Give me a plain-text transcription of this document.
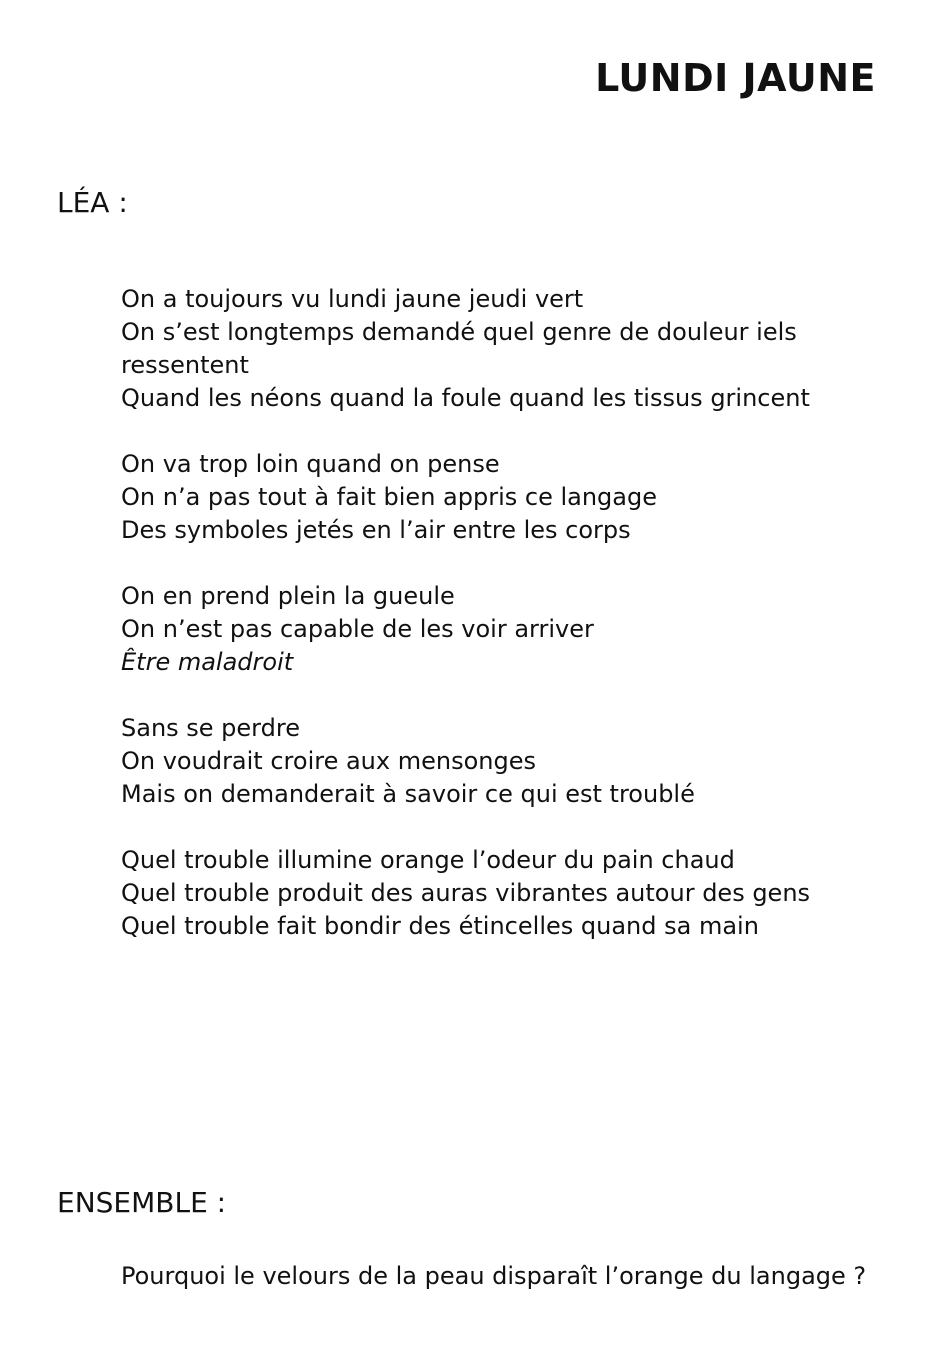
LUNDI JAUNE
LÉA :

On a toujours vu lundi jaune jeudi vert
On s’est longtemps demandé quel genre de douleur iels ressentent
Quand les néons quand la foule quand les tissus grincent

On va trop loin quand on pense
On n’a pas tout à fait bien appris ce langage
Des symboles jetés en l’air entre les corps

On en prend plein la gueule
On n’est pas capable de les voir arriver
Être maladroit

Sans se perdre
On voudrait croire aux mensonges
Mais on demanderait à savoir ce qui est troublé

Quel trouble illumine orange l’odeur du pain chaud
Quel trouble produit des auras vibrantes autour des gens
Quel trouble fait bondir des étincelles quand sa main

ENSEMBLE :
Pourquoi le velours de la peau disparaît l’orange du langage ?
